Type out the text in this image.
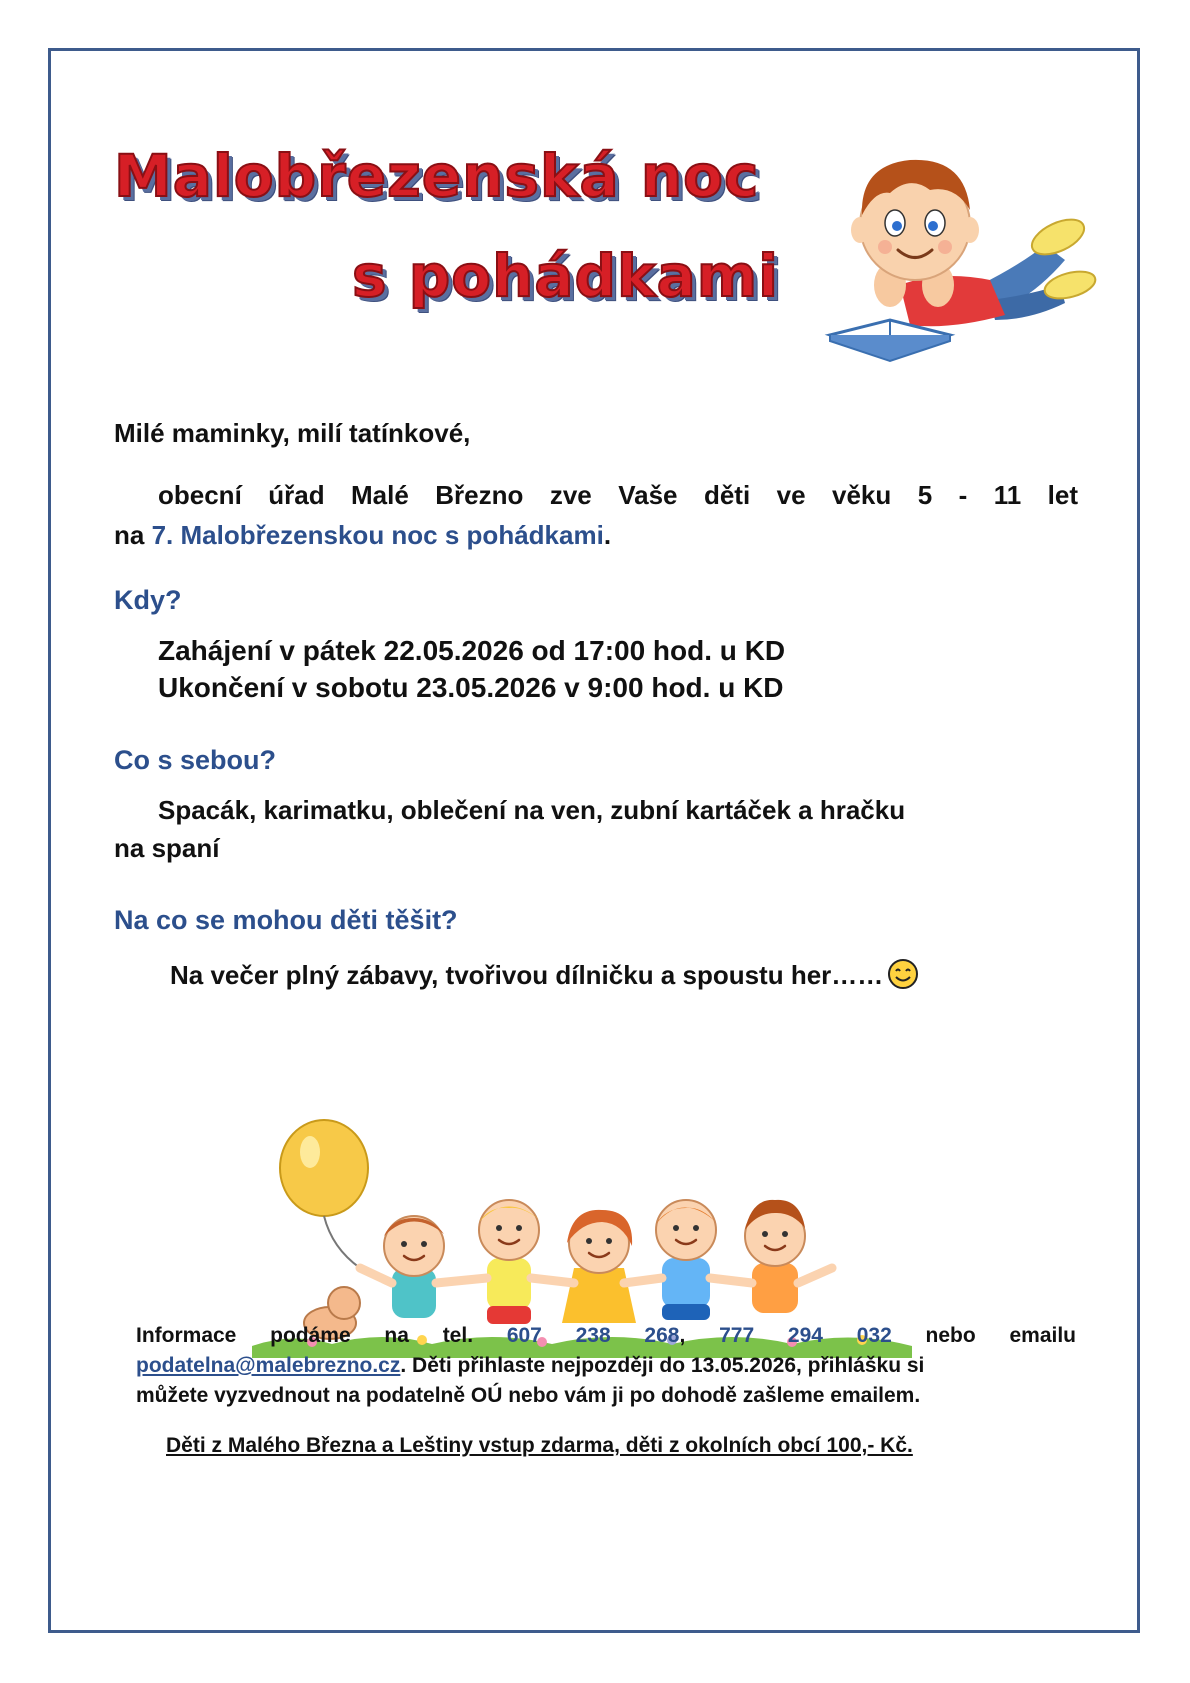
Malobřezenská noc
s pohádkami
Milé maminky, milí tatínkové,
obecní úřad Malé Březno zve Vaše děti ve věku 5 - 11 let
na 7. Malobřezenskou noc s pohádkami.
Kdy?
Zahájení v pátek 22.05.2026 od 17:00 hod. u KD
Ukončení v sobotu 23.05.2026 v 9:00 hod. u KD
Co s sebou?
Spacák, karimatku, oblečení na ven, zubní kartáček a hračku
na spaní
Na co se mohou děti těšit?
Na večer plný zábavy, tvořivou dílničku a spoustu her……
Informace podáme na tel. 607 238 268, 777 294 032 nebo emailu
podatelna@malebrezno.cz. Děti přihlaste nejpozději do 13.05.2026, přihlášku si
můžete vyzvednout na podatelně OÚ nebo vám ji po dohodě zašleme emailem.
Děti z Malého Března a Leštiny vstup zdarma, děti z okolních obcí 100,- Kč.
